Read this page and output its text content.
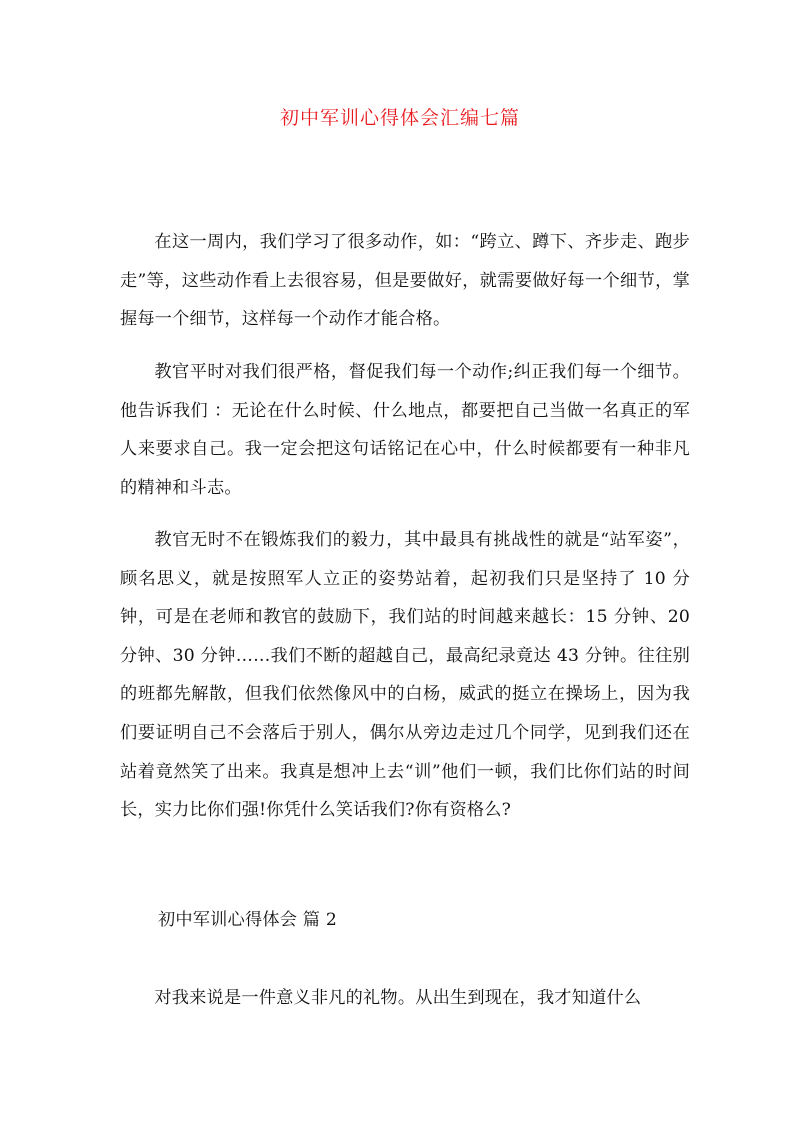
初中军训心得体会汇编七篇

在这一周内，我们学习了很多动作，如：“跨立、蹲下、齐步走、跑步走”等，这些动作看上去很容易，但是要做好，就需要做好每一个细节，掌握每一个细节，这样每一个动作才能合格。

教官平时对我们很严格，督促我们每一个动作;纠正我们每一个细节。他告诉我们 ：无论在什么时候、什么地点，都要把自己当做一名真正的军人来要求自己。我一定会把这句话铭记在心中，什么时候都要有一种非凡的精神和斗志。

教官无时不在锻炼我们的毅力，其中最具有挑战性的就是“站军姿”，顾名思义，就是按照军人立正的姿势站着，起初我们只是坚持了 10 分钟，可是在老师和教官的鼓励下，我们站的时间越来越长：15 分钟、20 分钟、30 分钟……我们不断的超越自己，最高纪录竟达 43 分钟。往往别的班都先解散，但我们依然像风中的白杨，威武的挺立在操场上，因为我们要证明自己不会落后于别人，偶尔从旁边走过几个同学，见到我们还在站着竟然笑了出来。我真是想冲上去“训”他们一顿，我们比你们站的时间长，实力比你们强!你凭什么笑话我们?你有资格么?

初中军训心得体会 篇 2

对我来说是一件意义非凡的礼物。从出生到现在，我才知道什么
